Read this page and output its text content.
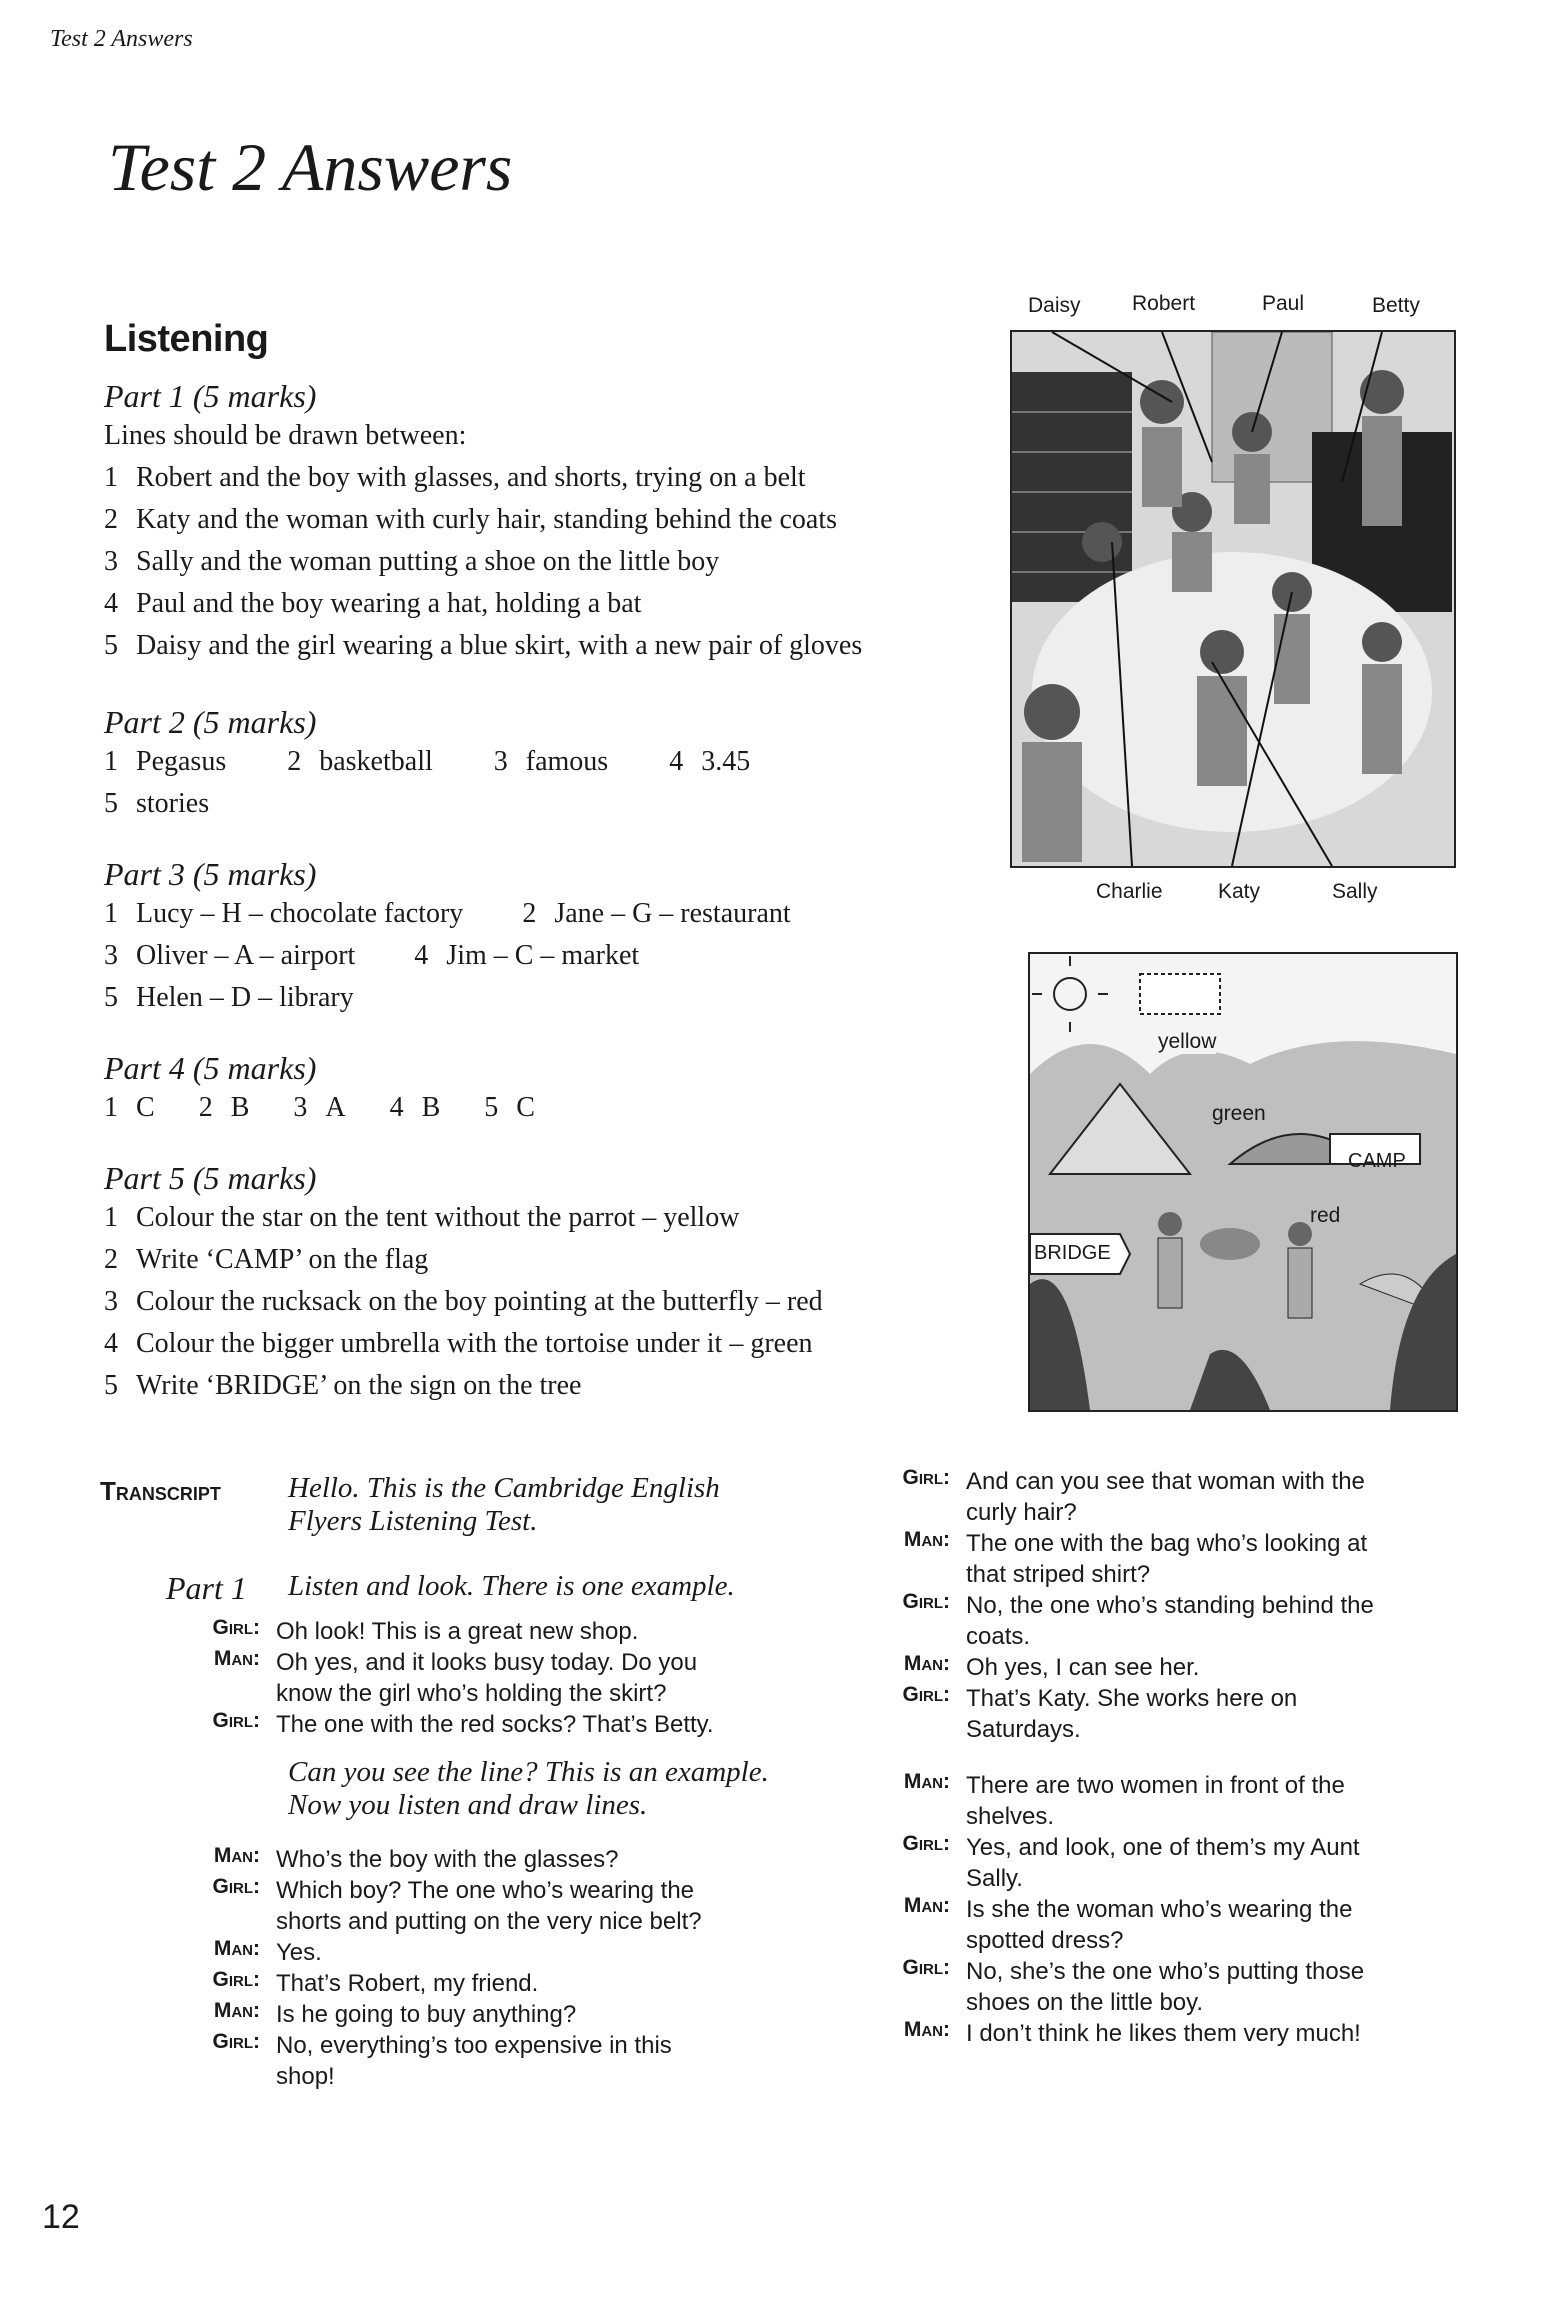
Test 2 Answers
Test 2 Answers
Listening
Part 1 (5 marks)
Lines should be drawn between:
1 Robert and the boy with glasses, and shorts, trying on a belt
2 Katy and the woman with curly hair, standing behind the coats
3 Sally and the woman putting a shoe on the little boy
4 Paul and the boy wearing a hat, holding a bat
5 Daisy and the girl wearing a blue skirt, with a new pair of gloves
Part 2 (5 marks)
1 Pegasus 2 basketball 3 famous 4 3.45
5 stories
Part 3 (5 marks)
1 Lucy – H – chocolate factory 2 Jane – G – restaurant
3 Oliver – A – airport 4 Jim – C – market
5 Helen – D – library
Part 4 (5 marks)
1 C 2 B 3 A 4 B 5 C
Part 5 (5 marks)
1 Colour the star on the tent without the parrot – yellow
2 Write ‘CAMP’ on the flag
3 Colour the rucksack on the boy pointing at the butterfly – red
4 Colour the bigger umbrella with the tortoise under it – green
5 Write ‘BRIDGE’ on the sign on the tree
Daisy Robert	Paul	Betty
Charlie	Katy	Sally
yellow
green
CAMP
red
BRIDGE
Transcript Hello. This is the Cambridge English
Flyers Listening Test.
Part 1 Listen and look. There is one example.
Girl: Oh look! This is a great new shop.
Man: Oh yes, and it looks busy today. Do you
know the girl who’s holding the skirt?
Girl: The one with the red socks? That’s Betty.
Can you see the line? This is an example.
Now you listen and draw lines.
Man: Who’s the boy with the glasses?
Girl: Which boy? The one who’s wearing the
shorts and putting on the very nice belt?
Man: Yes.
Girl: That’s Robert, my friend.
Man: Is he going to buy anything?
Girl: No, everything’s too expensive in this
shop!
Girl: And can you see that woman with the
curly hair?
Man: The one with the bag who’s looking at
that striped shirt?
Girl: No, the one who’s standing behind the
coats.
Man: Oh yes, I can see her.
Girl: That’s Katy. She works here on
Saturdays.
Man: There are two women in front of the
shelves.
Girl: Yes, and look, one of them’s my Aunt
Sally.
Man: Is she the woman who’s wearing the
spotted dress?
Girl: No, she’s the one who’s putting those
shoes on the little boy.
Man: I don’t think he likes them very much!
12
